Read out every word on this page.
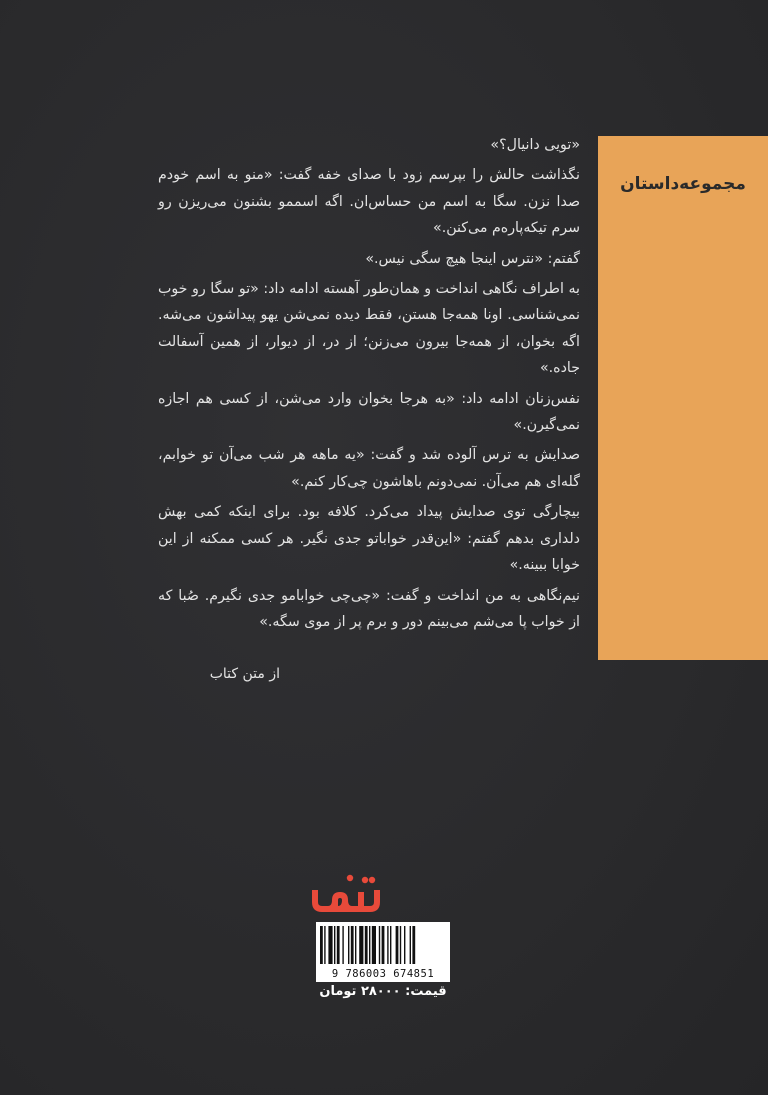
مجموعه‌داستان

«تویی دانیال؟»

نگذاشت حالش را بپرسم زود با صدای خفه گفت: «منو به اسم خودم صدا نزن. سگا به اسم من حساس‌ان. اگه اسممو بشنون می‌ریزن رو سرم تیکه‌پاره‌م می‌کنن.»

گفتم: «نترس اینجا هیچ سگی نیس.»

به اطراف نگاهی انداخت و همان‌طور آهسته ادامه داد: «تو سگا رو خوب نمی‌شناسی. اونا همه‌جا هستن، فقط دیده نمی‌شن یهو پیداشون می‌شه. اگه بخوان، از همه‌جا بیرون می‌زنن؛ از در، از دیوار، از همین آسفالت جاده.»

نفس‌زنان ادامه داد: «به هرجا بخوان وارد می‌شن، از کسی هم اجازه نمی‌گیرن.»

صدایش به ترس آلوده شد و گفت: «یه ماهه هر شب می‌آن تو خوابم، گله‌ای هم می‌آن. نمی‌دونم باهاشون چی‌کار کنم.»

بیچارگی توی صدایش پیداد می‌کرد. کلافه بود. برای اینکه کمی بهش دلداری بدهم گفتم: «این‌قدر خواباتو جدی نگیر. هر کسی ممکنه از این خوابا ببینه.»

نیم‌نگاهی به من انداخت و گفت: «چی‌چی خوابامو جدی نگیرم. صُبا که از خواب پا می‌شم می‌بینم دور و برم پر از موی سگه.»

از متن کتاب
9 786003 674851
قیمت: ۲۸۰۰۰ تومان
